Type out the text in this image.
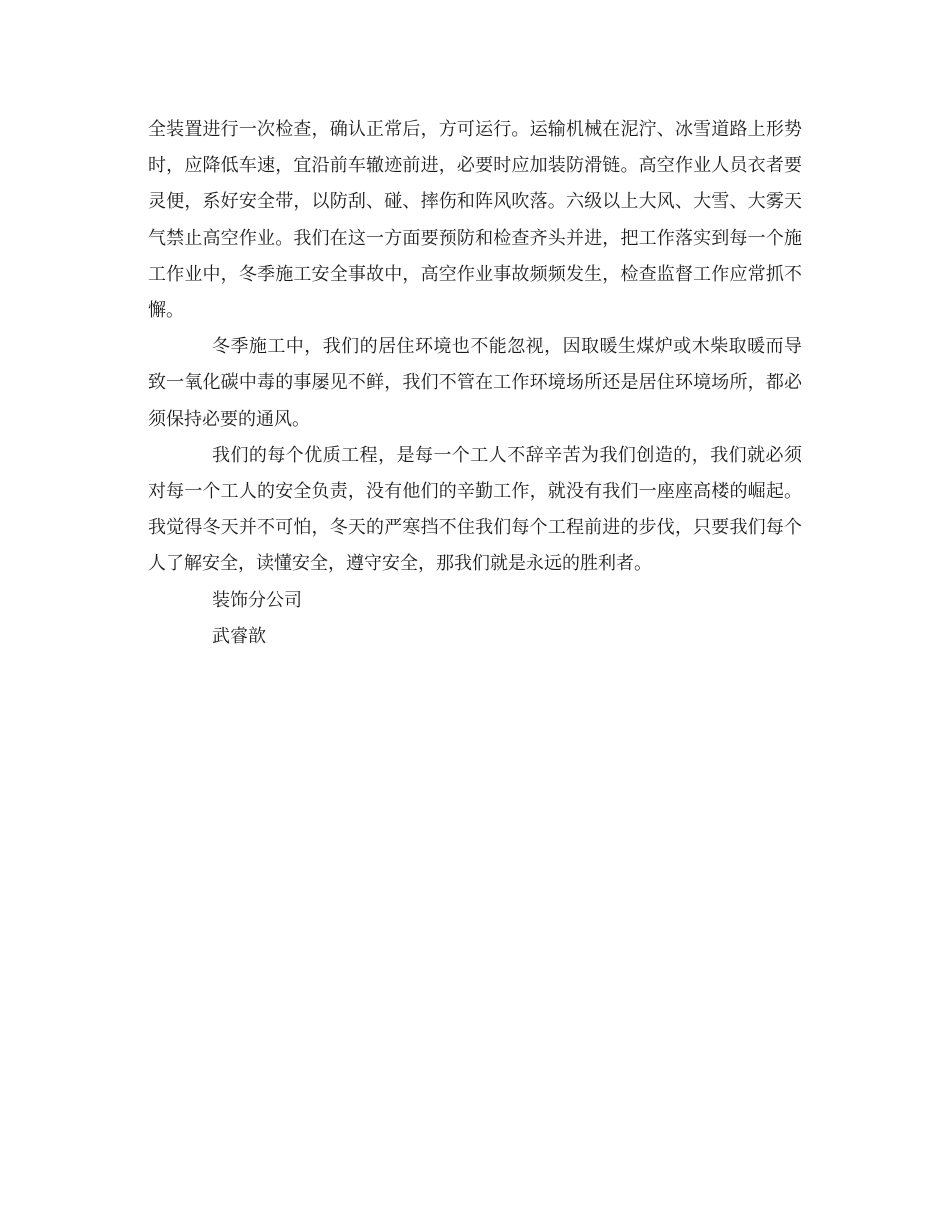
全装置进行一次检查，确认正常后，方可运行。运输机械在泥泞、冰雪道路上形势时，应降低车速，宜沿前车辙迹前进，必要时应加装防滑链。高空作业人员衣者要灵便，系好安全带，以防刮、碰、摔伤和阵风吹落。六级以上大风、大雪、大雾天气禁止高空作业。我们在这一方面要预防和检查齐头并进，把工作落实到每一个施工作业中，冬季施工安全事故中，高空作业事故频频发生，检查监督工作应常抓不懈。

冬季施工中，我们的居住环境也不能忽视，因取暖生煤炉或木柴取暖而导致一氧化碳中毒的事屡见不鲜，我们不管在工作环境场所还是居住环境场所，都必须保持必要的通风。

我们的每个优质工程，是每一个工人不辞辛苦为我们创造的，我们就必须对每一个工人的安全负责，没有他们的辛勤工作，就没有我们一座座高楼的崛起。我觉得冬天并不可怕，冬天的严寒挡不住我们每个工程前进的步伐，只要我们每个人了解安全，读懂安全，遵守安全，那我们就是永远的胜利者。

装饰分公司

武睿歆
